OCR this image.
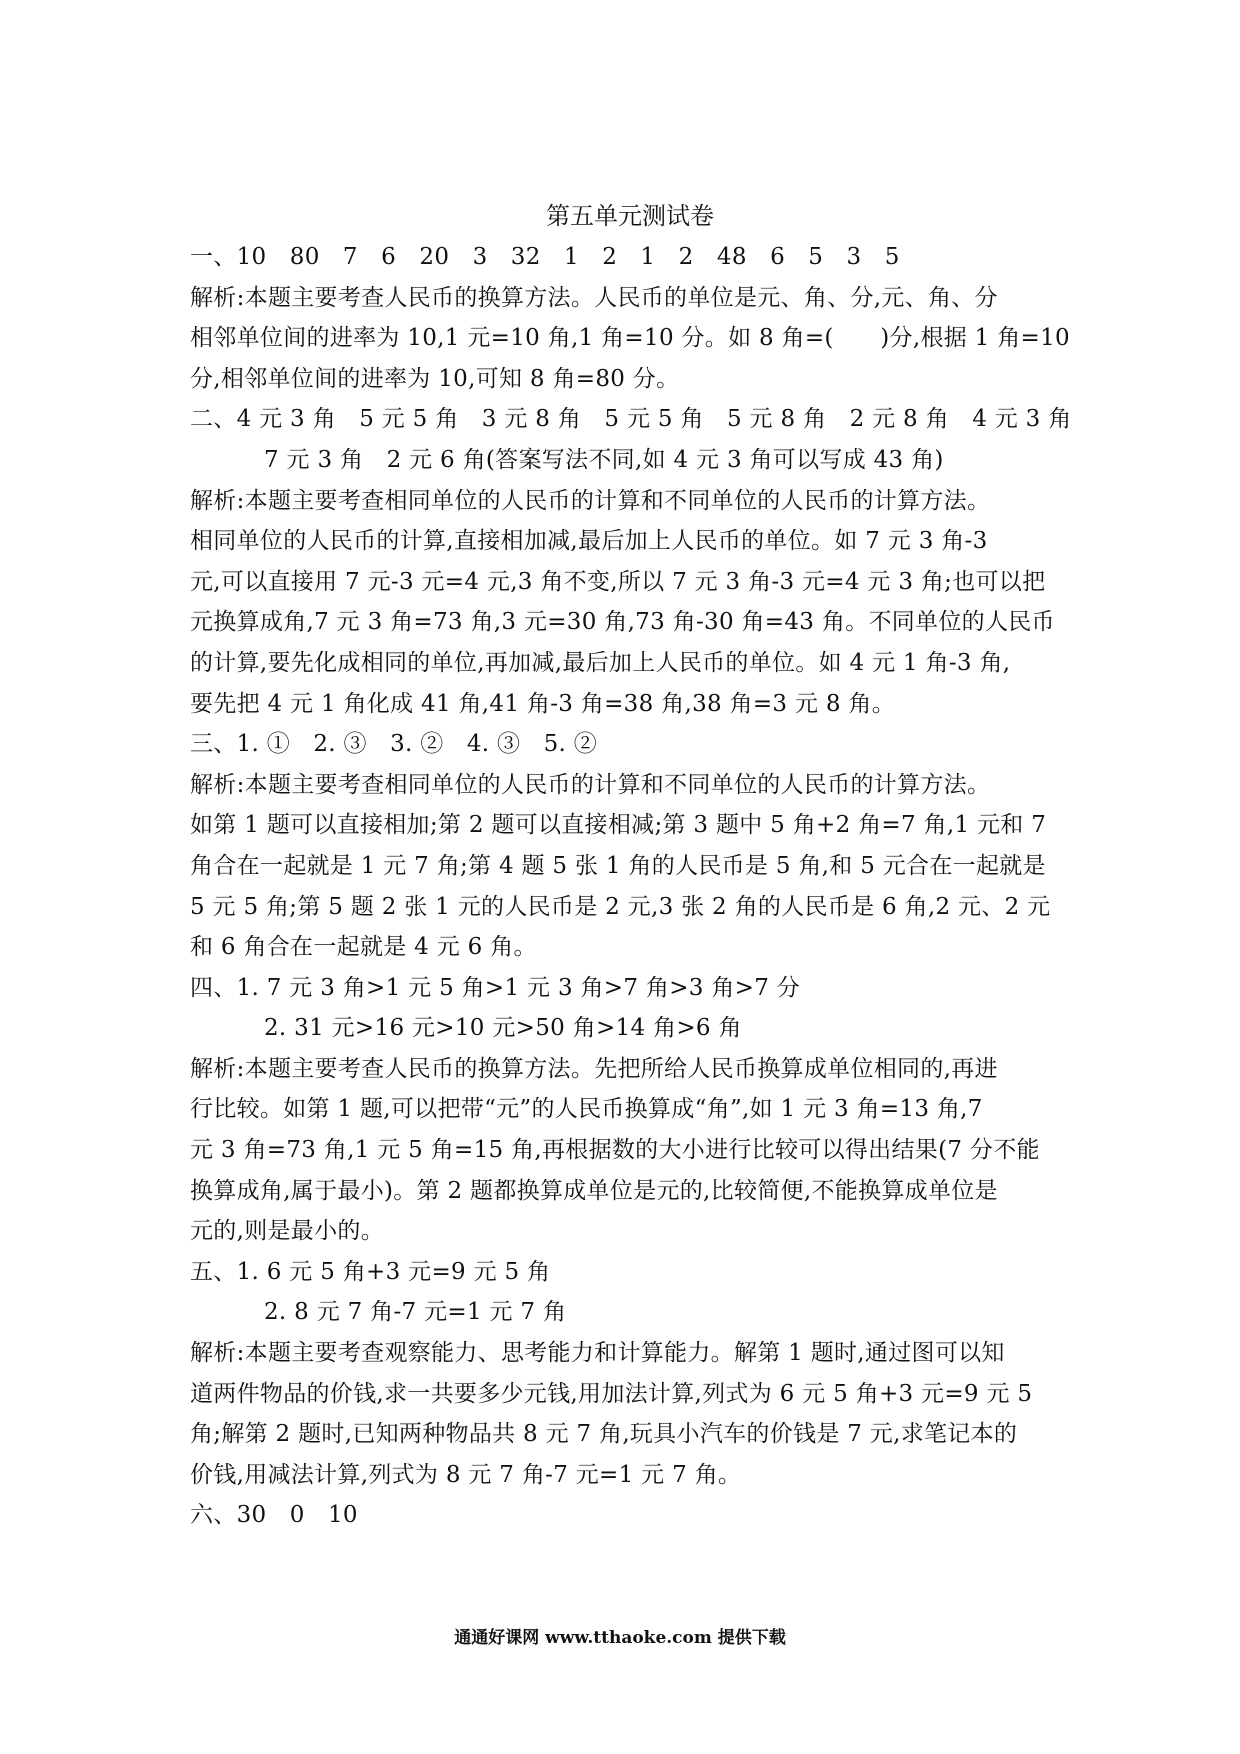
第五单元测试卷

一、10　80　7　6　20　3　32　1　2　1　2　48　6　5　3　5

解析:本题主要考查人民币的换算方法。人民币的单位是元、角、分,元、角、分

相邻单位间的进率为 10,1 元=10 角,1 角=10 分。如 8 角=(　　)分,根据 1 角=10

分,相邻单位间的进率为 10,可知 8 角=80 分。

二、4 元 3 角　5 元 5 角　3 元 8 角　5 元 5 角　5 元 8 角　2 元 8 角　4 元 3 角

7 元 3 角　2 元 6 角(答案写法不同,如 4 元 3 角可以写成 43 角)

解析:本题主要考查相同单位的人民币的计算和不同单位的人民币的计算方法。

相同单位的人民币的计算,直接相加减,最后加上人民币的单位。如 7 元 3 角-3

元,可以直接用 7 元-3 元=4 元,3 角不变,所以 7 元 3 角-3 元=4 元 3 角;也可以把

元换算成角,7 元 3 角=73 角,3 元=30 角,73 角-30 角=43 角。不同单位的人民币

的计算,要先化成相同的单位,再加减,最后加上人民币的单位。如 4 元 1 角-3 角,

要先把 4 元 1 角化成 41 角,41 角-3 角=38 角,38 角=3 元 8 角。

三、1. ①　2. ③　3. ②　4. ③　5. ②

解析:本题主要考查相同单位的人民币的计算和不同单位的人民币的计算方法。

如第 1 题可以直接相加;第 2 题可以直接相减;第 3 题中 5 角+2 角=7 角,1 元和 7

角合在一起就是 1 元 7 角;第 4 题 5 张 1 角的人民币是 5 角,和 5 元合在一起就是

5 元 5 角;第 5 题 2 张 1 元的人民币是 2 元,3 张 2 角的人民币是 6 角,2 元、2 元

和 6 角合在一起就是 4 元 6 角。

四、1. 7 元 3 角>1 元 5 角>1 元 3 角>7 角>3 角>7 分

2. 31 元>16 元>10 元>50 角>14 角>6 角

解析:本题主要考查人民币的换算方法。先把所给人民币换算成单位相同的,再进

行比较。如第 1 题,可以把带“元”的人民币换算成“角”,如 1 元 3 角=13 角,7

元 3 角=73 角,1 元 5 角=15 角,再根据数的大小进行比较可以得出结果(7 分不能

换算成角,属于最小)。第 2 题都换算成单位是元的,比较简便,不能换算成单位是

元的,则是最小的。

五、1. 6 元 5 角+3 元=9 元 5 角

2. 8 元 7 角-7 元=1 元 7 角

解析:本题主要考查观察能力、思考能力和计算能力。解第 1 题时,通过图可以知

道两件物品的价钱,求一共要多少元钱,用加法计算,列式为 6 元 5 角+3 元=9 元 5

角;解第 2 题时,已知两种物品共 8 元 7 角,玩具小汽车的价钱是 7 元,求笔记本的

价钱,用减法计算,列式为 8 元 7 角-7 元=1 元 7 角。

六、30　0　10

通通好课网 www.tthaoke.com 提供下载
